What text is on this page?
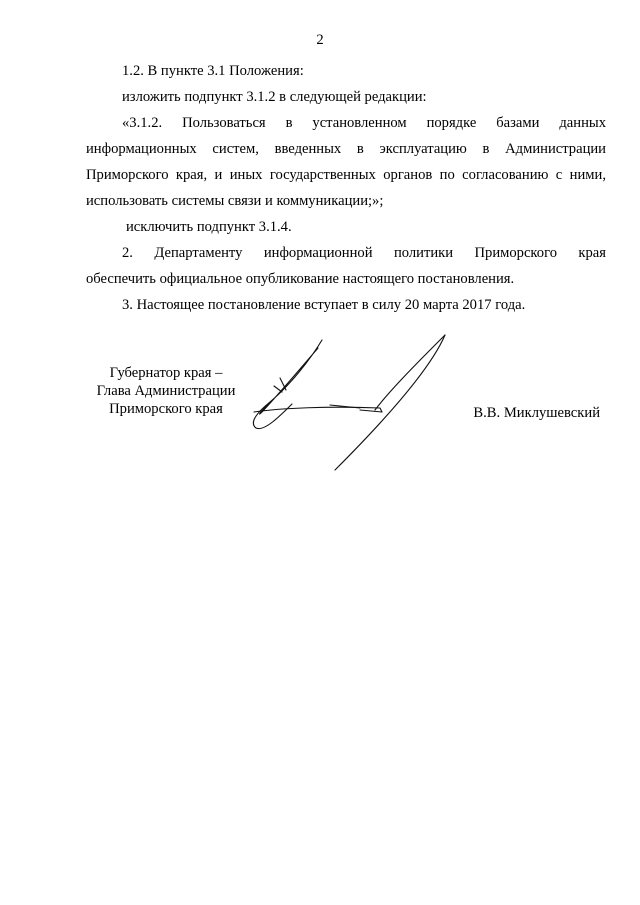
2
1.2. В пункте 3.1 Положения:
изложить подпункт 3.1.2 в следующей редакции:
«3.1.2. Пользоваться в установленном порядке базами данных
информационных систем, введенных в эксплуатацию в Администрации
Приморского края, и иных государственных органов по согласованию с ними,
использовать системы связи и коммуникации;»;
исключить подпункт 3.1.4.
2. Департаменту информационной политики Приморского края
обеспечить официальное опубликование настоящего постановления.
3. Настоящее постановление вступает в силу 20 марта 2017 года.
Губернатор края –
Глава Администрации
Приморского края	В.В. Миклушевский
